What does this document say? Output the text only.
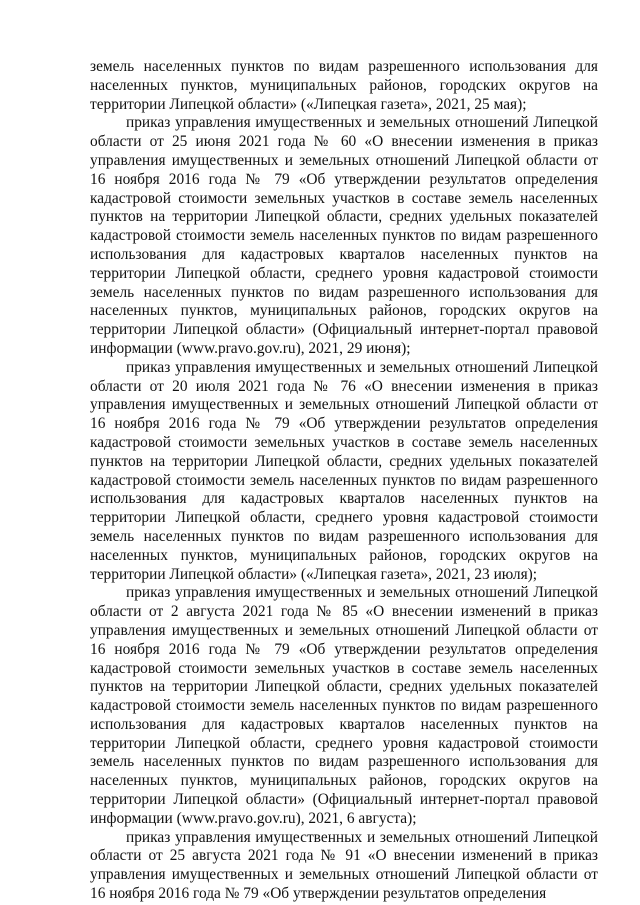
земель населенных пунктов по видам разрешенного использования для населенных пунктов, муниципальных районов, городских округов на территории Липецкой области» («Липецкая газета», 2021, 25 мая);

приказ управления имущественных и земельных отношений Липецкой области от 25 июня 2021 года № 60 «О внесении изменения в приказ управления имущественных и земельных отношений Липецкой области от 16 ноября 2016 года № 79 «Об утверждении результатов определения кадастровой стоимости земельных участков в составе земель населенных пунктов на территории Липецкой области, средних удельных показателей кадастровой стоимости земель населенных пунктов по видам разрешенного использования для кадастровых кварталов населенных пунктов на территории Липецкой области, среднего уровня кадастровой стоимости земель населенных пунктов по видам разрешенного использования для населенных пунктов, муниципальных районов, городских округов на территории Липецкой области» (Официальный интернет-портал правовой информации (www.pravo.gov.ru), 2021, 29 июня);

приказ управления имущественных и земельных отношений Липецкой области от 20 июля 2021 года № 76 «О внесении изменения в приказ управления имущественных и земельных отношений Липецкой области от 16 ноября 2016 года № 79 «Об утверждении результатов определения кадастровой стоимости земельных участков в составе земель населенных пунктов на территории Липецкой области, средних удельных показателей кадастровой стоимости земель населенных пунктов по видам разрешенного использования для кадастровых кварталов населенных пунктов на территории Липецкой области, среднего уровня кадастровой стоимости земель населенных пунктов по видам разрешенного использования для населенных пунктов, муниципальных районов, городских округов на территории Липецкой области» («Липецкая газета», 2021, 23 июля);

приказ управления имущественных и земельных отношений Липецкой области от 2 августа 2021 года № 85 «О внесении изменений в приказ управления имущественных и земельных отношений Липецкой области от 16 ноября 2016 года № 79 «Об утверждении результатов определения кадастровой стоимости земельных участков в составе земель населенных пунктов на территории Липецкой области, средних удельных показателей кадастровой стоимости земель населенных пунктов по видам разрешенного использования для кадастровых кварталов населенных пунктов на территории Липецкой области, среднего уровня кадастровой стоимости земель населенных пунктов по видам разрешенного использования для населенных пунктов, муниципальных районов, городских округов на территории Липецкой области» (Официальный интернет-портал правовой информации (www.pravo.gov.ru), 2021, 6 августа);

приказ управления имущественных и земельных отношений Липецкой области от 25 августа 2021 года № 91 «О внесении изменений в приказ управления имущественных и земельных отношений Липецкой области от 16 ноября 2016 года № 79 «Об утверждении результатов определения
